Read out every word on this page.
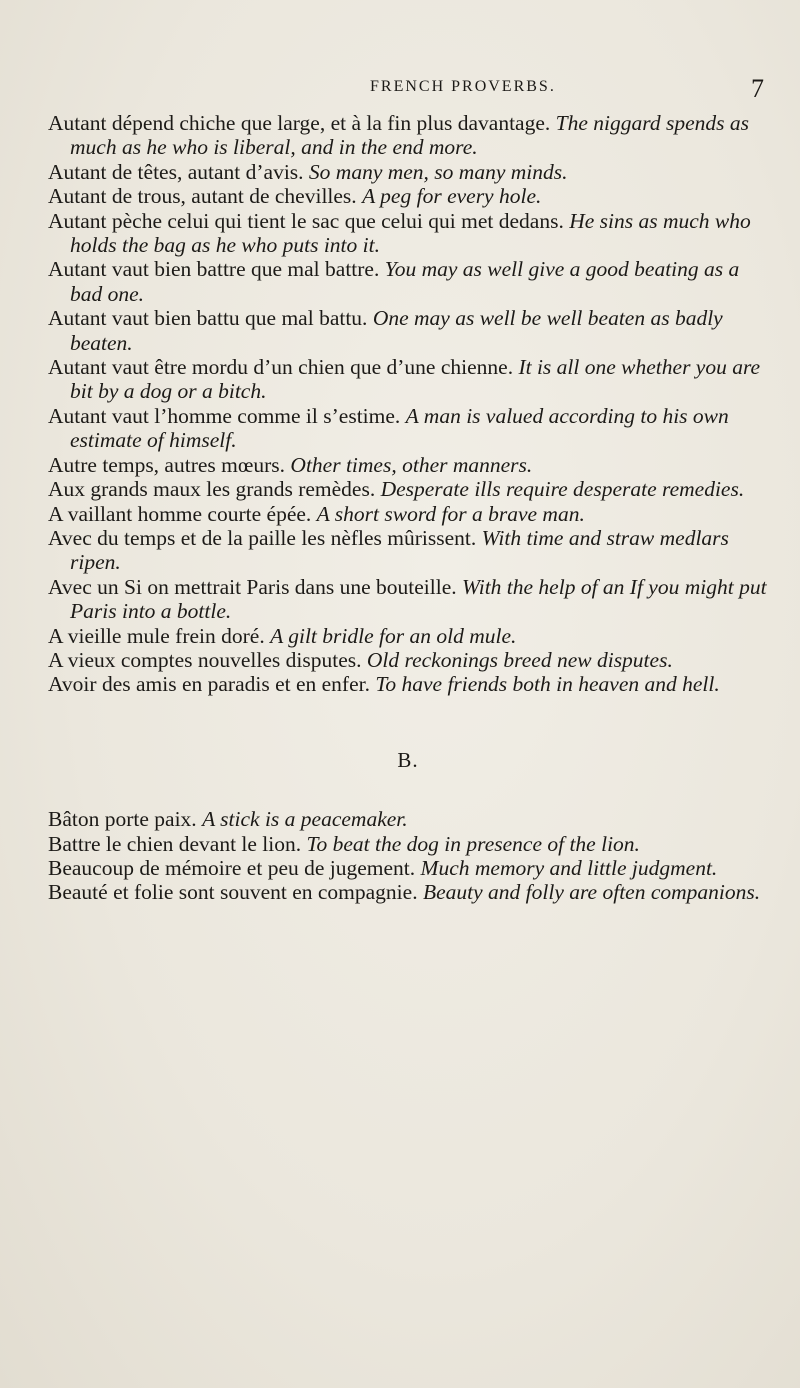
FRENCH PROVERBS.	7

Autant dépend chiche que large, et à la fin plus davantage. The niggard spends as much as he who is liberal, and in the end more.

Autant de têtes, autant d’avis. So many men, so many minds.

Autant de trous, autant de chevilles. A peg for every hole.

Autant pèche celui qui tient le sac que celui qui met dedans. He sins as much who holds the bag as he who puts into it.

Autant vaut bien battre que mal battre. You may as well give a good beating as a bad one.

Autant vaut bien battu que mal battu. One may as well be well beaten as badly beaten.

Autant vaut être mordu d’un chien que d’une chienne. It is all one whether you are bit by a dog or a bitch.

Autant vaut l’homme comme il s’estime. A man is valued according to his own estimate of himself.

Autre temps, autres mœurs. Other times, other manners.

Aux grands maux les grands remèdes. Desperate ills require desperate remedies.

A vaillant homme courte épée. A short sword for a brave man.

Avec du temps et de la paille les nèfles mûrissent. With time and straw medlars ripen.

Avec un Si on mettrait Paris dans une bouteille. With the help of an If you might put Paris into a bottle.

A vieille mule frein doré. A gilt bridle for an old mule.

A vieux comptes nouvelles disputes. Old reckonings breed new disputes.

Avoir des amis en paradis et en enfer. To have friends both in heaven and hell.

B.

Bâton porte paix. A stick is a peacemaker.

Battre le chien devant le lion. To beat the dog in presence of the lion.

Beaucoup de mémoire et peu de jugement. Much memory and little judgment.

Beauté et folie sont souvent en compagnie. Beauty and folly are often companions.
